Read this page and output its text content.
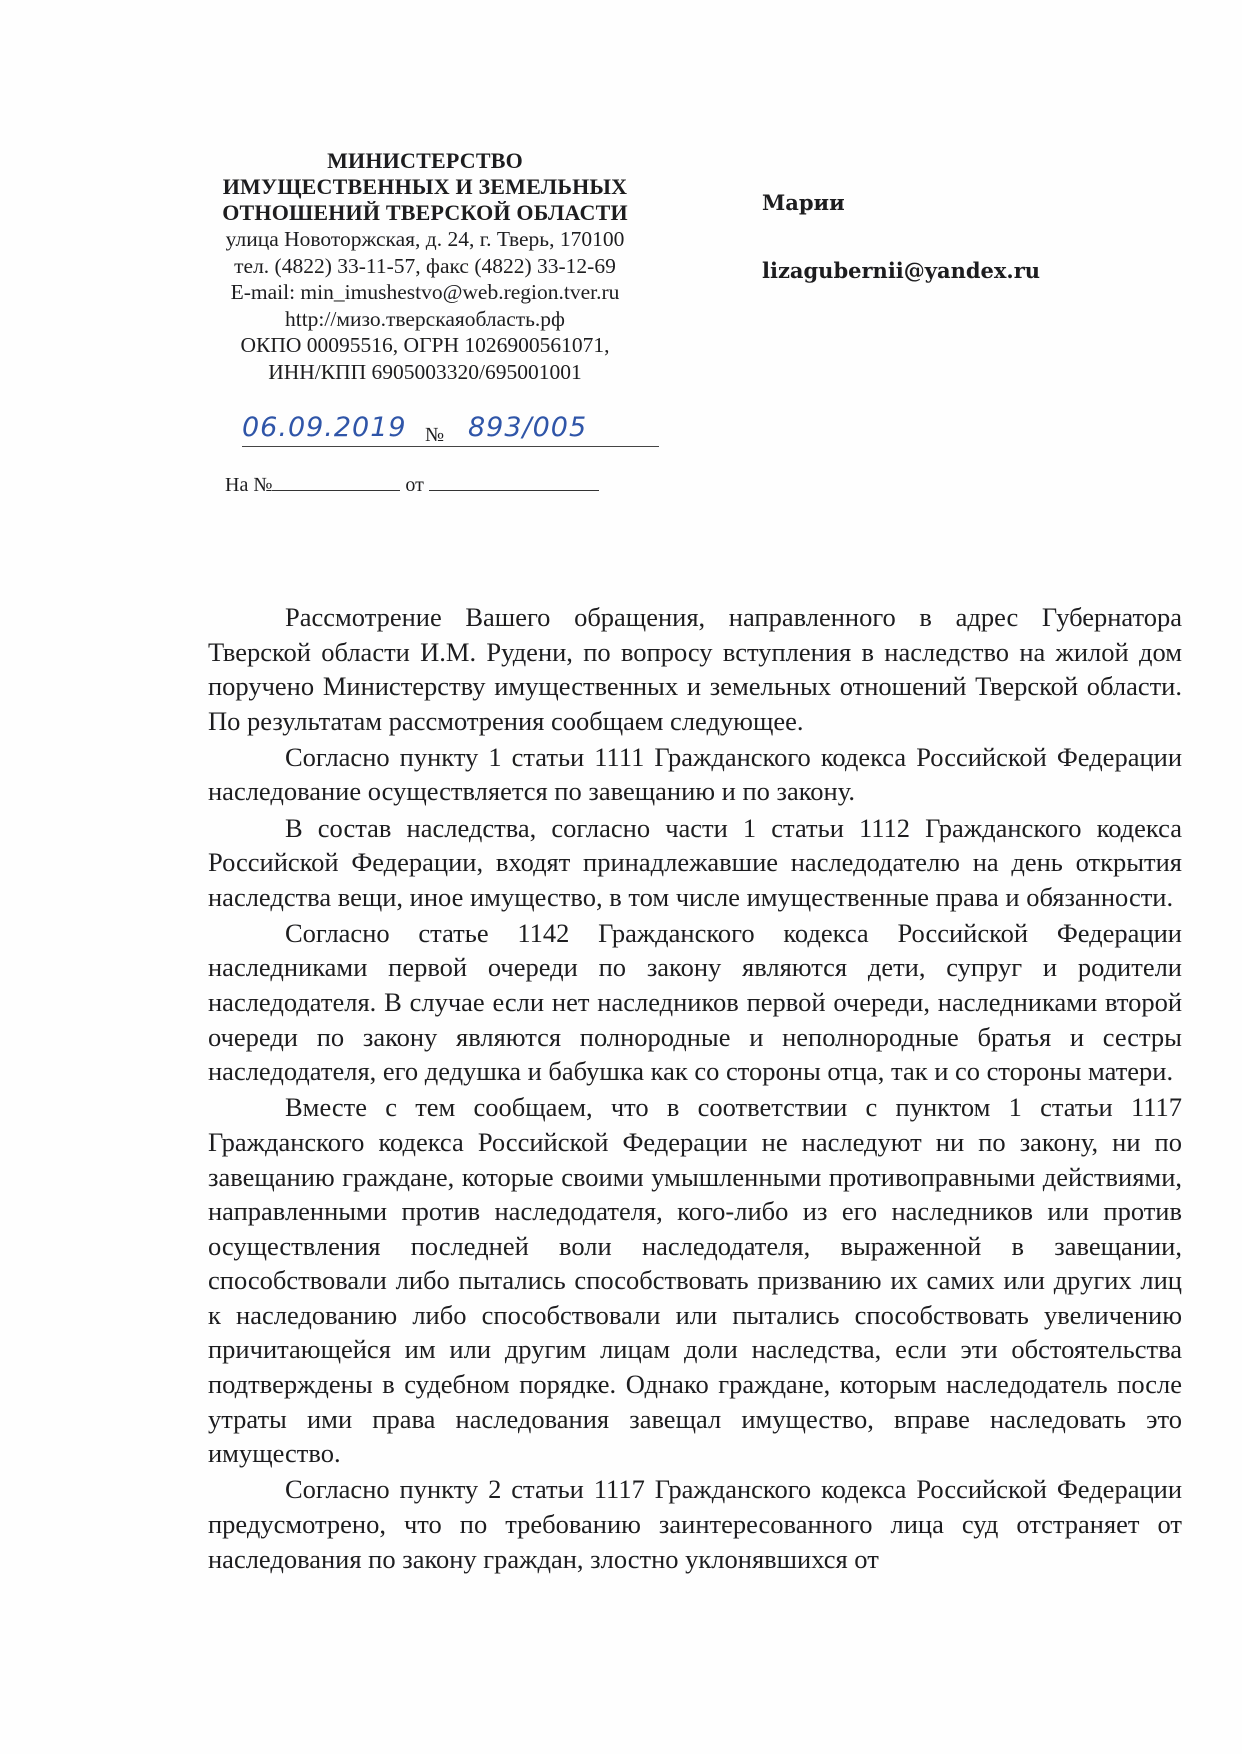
МИНИСТЕРСТВО
ИМУЩЕСТВЕННЫХ И ЗЕМЕЛЬНЫХ
ОТНОШЕНИЙ ТВЕРСКОЙ ОБЛАСТИ
улица Новоторжская, д. 24, г. Тверь, 170100
тел. (4822) 33-11-57, факс (4822) 33-12-69
E-mail: min_imushestvo@web.region.tver.ru
http://мизо.тверскаяобласть.рф
ОКПО 00095516, ОГРН 1026900561071,
ИНН/КПП 6905003320/695001001
06.09.2019 № 893/005
На №	от
Марии
lizagubernii@yandex.ru

Рассмотрение Вашего обращения, направленного в адрес Губернатора Тверской области И.М. Рудени, по вопросу вступления в наследство на жилой дом поручено Министерству имущественных и земельных отношений Тверской области. По результатам рассмотрения сообщаем следующее.

Согласно пункту 1 статьи 1111 Гражданского кодекса Российской Федерации наследование осуществляется по завещанию и по закону.

В состав наследства, согласно части 1 статьи 1112 Гражданского кодекса Российской Федерации, входят принадлежавшие наследодателю на день открытия наследства вещи, иное имущество, в том числе имущественные права и обязанности.

Согласно статье 1142 Гражданского кодекса Российской Федерации наследниками первой очереди по закону являются дети, супруг и родители наследодателя. В случае если нет наследников первой очереди, наследниками второй очереди по закону являются полнородные и неполнородные братья и сестры наследодателя, его дедушка и бабушка как со стороны отца, так и со стороны матери.

Вместе с тем сообщаем, что в соответствии с пунктом 1 статьи 1117 Гражданского кодекса Российской Федерации не наследуют ни по закону, ни по завещанию граждане, которые своими умышленными противоправными действиями, направленными против наследодателя, кого-либо из его наследников или против осуществления последней воли наследодателя, выраженной в завещании, способствовали либо пытались способствовать призванию их самих или других лиц к наследованию либо способствовали или пытались способствовать увеличению причитающейся им или другим лицам доли наследства, если эти обстоятельства подтверждены в судебном порядке. Однако граждане, которым наследодатель после утраты ими права наследования завещал имущество, вправе наследовать это имущество.

Согласно пункту 2 статьи 1117 Гражданского кодекса Российской Федерации предусмотрено, что по требованию заинтересованного лица суд отстраняет от наследования по закону граждан, злостно уклонявшихся от
